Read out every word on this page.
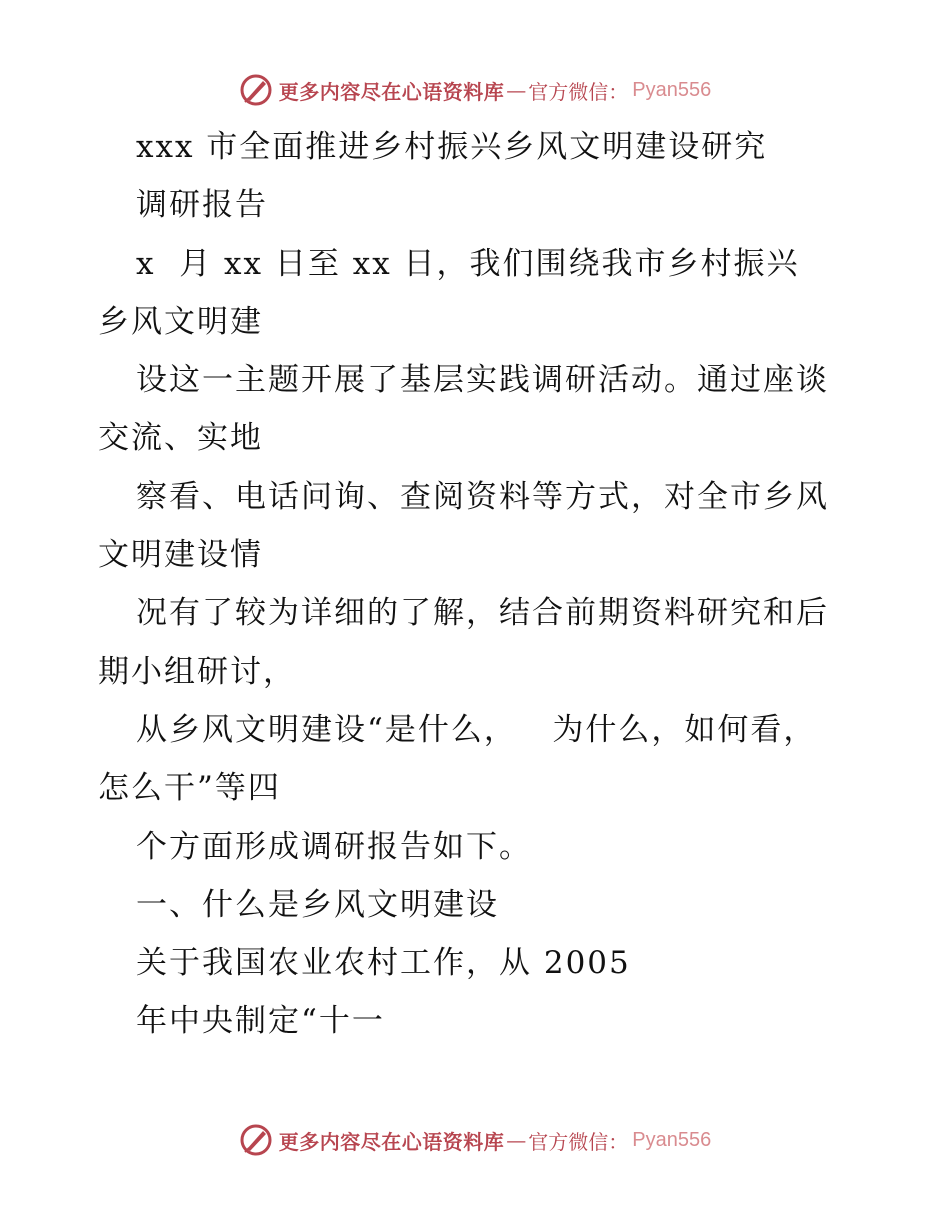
更多内容尽在心语资料库 — 官方微信： Pyan556
xxx 市全面推进乡村振兴乡风文明建设研究
调研报告
x  月 xx 日至 xx 日，我们围绕我市乡村振兴
乡风文明建
设这一主题开展了基层实践调研活动。通过座谈
交流、实地
察看、电话问询、查阅资料等方式，对全市乡风
文明建设情
况有了较为详细的了解，结合前期资料研究和后
期小组研讨，
从乡风文明建设“是什么，   为什么，如何看，
怎么干”等四
个方面形成调研报告如下。
一、什么是乡风文明建设
关于我国农业农村工作，从 2005
年中央制定“十一
更多内容尽在心语资料库 — 官方微信： Pyan556
